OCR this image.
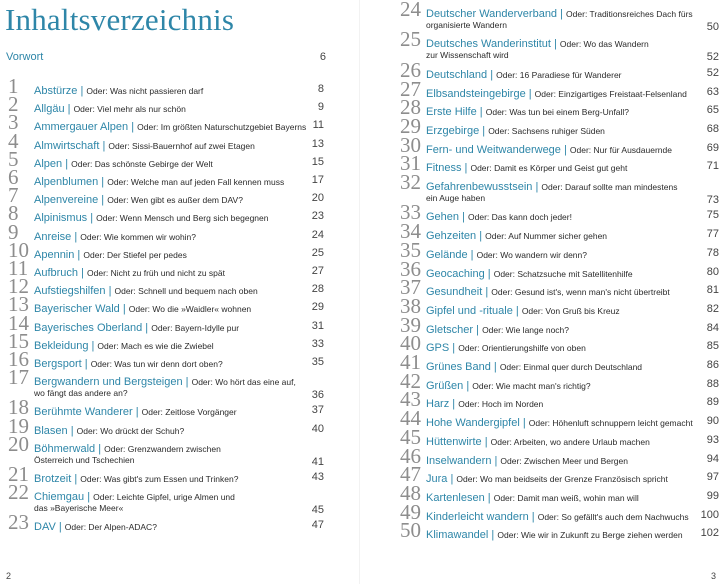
Inhaltsverzeichnis
Vorwort	6
1 Abstürze | Oder: Was nicht passieren darf	8
2 Allgäu | Oder: Viel mehr als nur schön	9
3 Ammergauer Alpen | Oder: Im größten Naturschutzgebiet Bayerns 11
4 Almwirtschaft | Oder: Sissi-Bauernhof auf zwei Etagen	13
5 Alpen | Oder: Das schönste Gebirge der Welt	15
6 Alpenblumen | Oder: Welche man auf jeden Fall kennen muss	17
7 Alpenvereine | Oder: Wen gibt es außer dem DAV?	20
8 Alpinismus | Oder: Wenn Mensch und Berg sich begegnen	23
9 Anreise | Oder: Wie kommen wir wohin?	24
10 Apennin | Oder: Der Stiefel per pedes	25
11 Aufbruch | Oder: Nicht zu früh und nicht zu spät	27
12 Aufstiegshilfen | Oder: Schnell und bequem nach oben	28
13 Bayerischer Wald | Oder: Wo die »Waidler« wohnen	29
14 Bayerisches Oberland | Oder: Bayern-Idylle pur	31
15 Bekleidung | Oder: Mach es wie die Zwiebel	33
16 Bergsport | Oder: Was tun wir denn dort oben?	35
17 Bergwandern und Bergsteigen | Oder: Wo hört das eine auf,
wo fängt das andere an?	36
18 Berühmte Wanderer | Oder: Zeitlose Vorgänger	37
19 Blasen | Oder: Wo drückt der Schuh?	40
20 Böhmerwald | Oder: Grenzwandern zwischen
Österreich und Tschechien	41
21 Brotzeit | Oder: Was gibt's zum Essen und Trinken?	43
22 Chiemgau | Oder: Leichte Gipfel, urige Almen und
das »Bayerische Meer«	45
23 DAV | Oder: Der Alpen-ADAC?	47
2
24 Deutscher Wanderverband | Oder: Traditionsreiches Dach fürs
organisierte Wandern	50
25 Deutsches Wanderinstitut | Oder: Wo das Wandern
zur Wissenschaft wird	52
26 Deutschland | Oder: 16 Paradiese für Wanderer	52
27 Elbsandsteingebirge | Oder: Einzigartiges Freistaat-Felsenland 63
28 Erste Hilfe | Oder: Was tun bei einem Berg-Unfall?	65
29 Erzgebirge | Oder: Sachsens ruhiger Süden	68
30 Fern- und Weitwanderwege | Oder: Nur für Ausdauernde	69
31 Fitness | Oder: Damit es Körper und Geist gut geht	71
32 Gefahrenbewusstsein | Oder: Darauf sollte man mindestens
ein Auge haben	73
33 Gehen | Oder: Das kann doch jeder!	75
34 Gehzeiten | Oder: Auf Nummer sicher gehen	77
35 Gelände | Oder: Wo wandern wir denn?	78
36 Geocaching | Oder: Schatzsuche mit Satellitenhilfe	80
37 Gesundheit | Oder: Gesund ist's, wenn man's nicht übertreibt	81
38 Gipfel und -rituale | Oder: Von Gruß bis Kreuz	82
39 Gletscher | Oder: Wie lange noch?	84
40 GPS | Oder: Orientierungshilfe von oben	85
41 Grünes Band | Oder: Einmal quer durch Deutschland	86
42 Grüßen | Oder: Wie macht man's richtig?	88
43 Harz | Oder: Hoch im Norden	89
44 Hohe Wandergipfel | Oder: Höhenluft schnuppern leicht gemacht 90
45 Hüttenwirte | Oder: Arbeiten, wo andere Urlaub machen	93
46 Inselwandern | Oder: Zwischen Meer und Bergen	94
47 Jura | Oder: Wo man beidseits der Grenze Französisch spricht	97
48 Kartenlesen | Oder: Damit man weiß, wohin man will	99
49 Kinderleicht wandern | Oder: So gefällt's auch dem Nachwuchs 100
50 Klimawandel | Oder: Wie wir in Zukunft zu Berge ziehen werden 102
3
